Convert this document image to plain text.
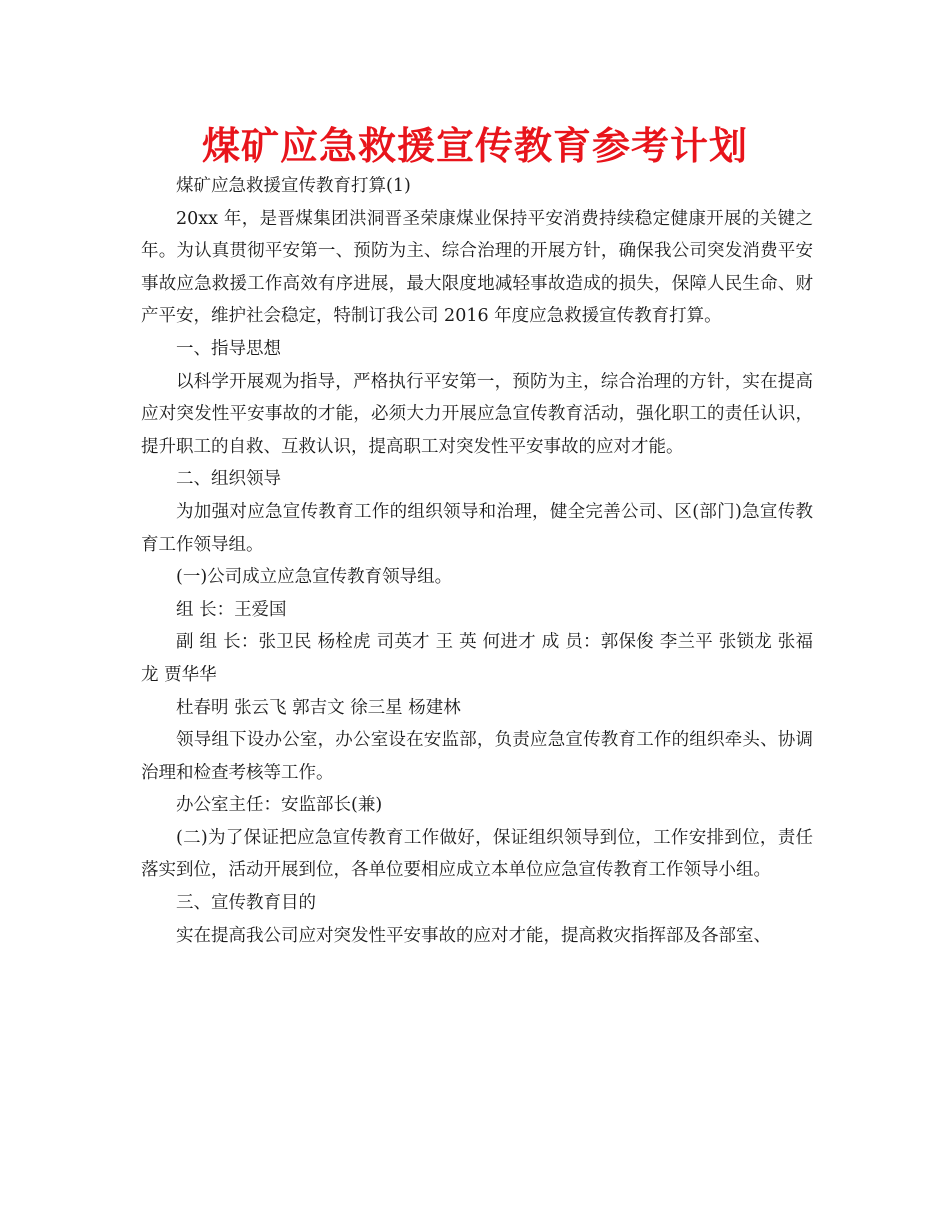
煤矿应急救援宣传教育参考计划

煤矿应急救援宣传教育打算(1)

20xx 年，是晋煤集团洪洞晋圣荣康煤业保持平安消费持续稳定健康开展的关键之年。为认真贯彻平安第一、预防为主、综合治理的开展方针，确保我公司突发消费平安事故应急救援工作高效有序进展，最大限度地减轻事故造成的损失，保障人民生命、财产平安，维护社会稳定，特制订我公司 2016 年度应急救援宣传教育打算。

一、指导思想

以科学开展观为指导，严格执行平安第一，预防为主，综合治理的方针，实在提高应对突发性平安事故的才能，必须大力开展应急宣传教育活动，强化职工的责任认识，提升职工的自救、互救认识，提高职工对突发性平安事故的应对才能。

二、组织领导

为加强对应急宣传教育工作的组织领导和治理，健全完善公司、区(部门)急宣传教育工作领导组。

(一)公司成立应急宣传教育领导组。

组 长：王爱国

副 组 长：张卫民 杨栓虎 司英才 王 英 何进才 成 员：郭保俊 李兰平 张锁龙 张福龙 贾华华

杜春明 张云飞 郭吉文 徐三星 杨建林

领导组下设办公室，办公室设在安监部，负责应急宣传教育工作的组织牵头、协调治理和检查考核等工作。

办公室主任：安监部长(兼)

(二)为了保证把应急宣传教育工作做好，保证组织领导到位，工作安排到位，责任落实到位，活动开展到位，各单位要相应成立本单位应急宣传教育工作领导小组。

三、宣传教育目的

实在提高我公司应对突发性平安事故的应对才能，提高救灾指挥部及各部室、
